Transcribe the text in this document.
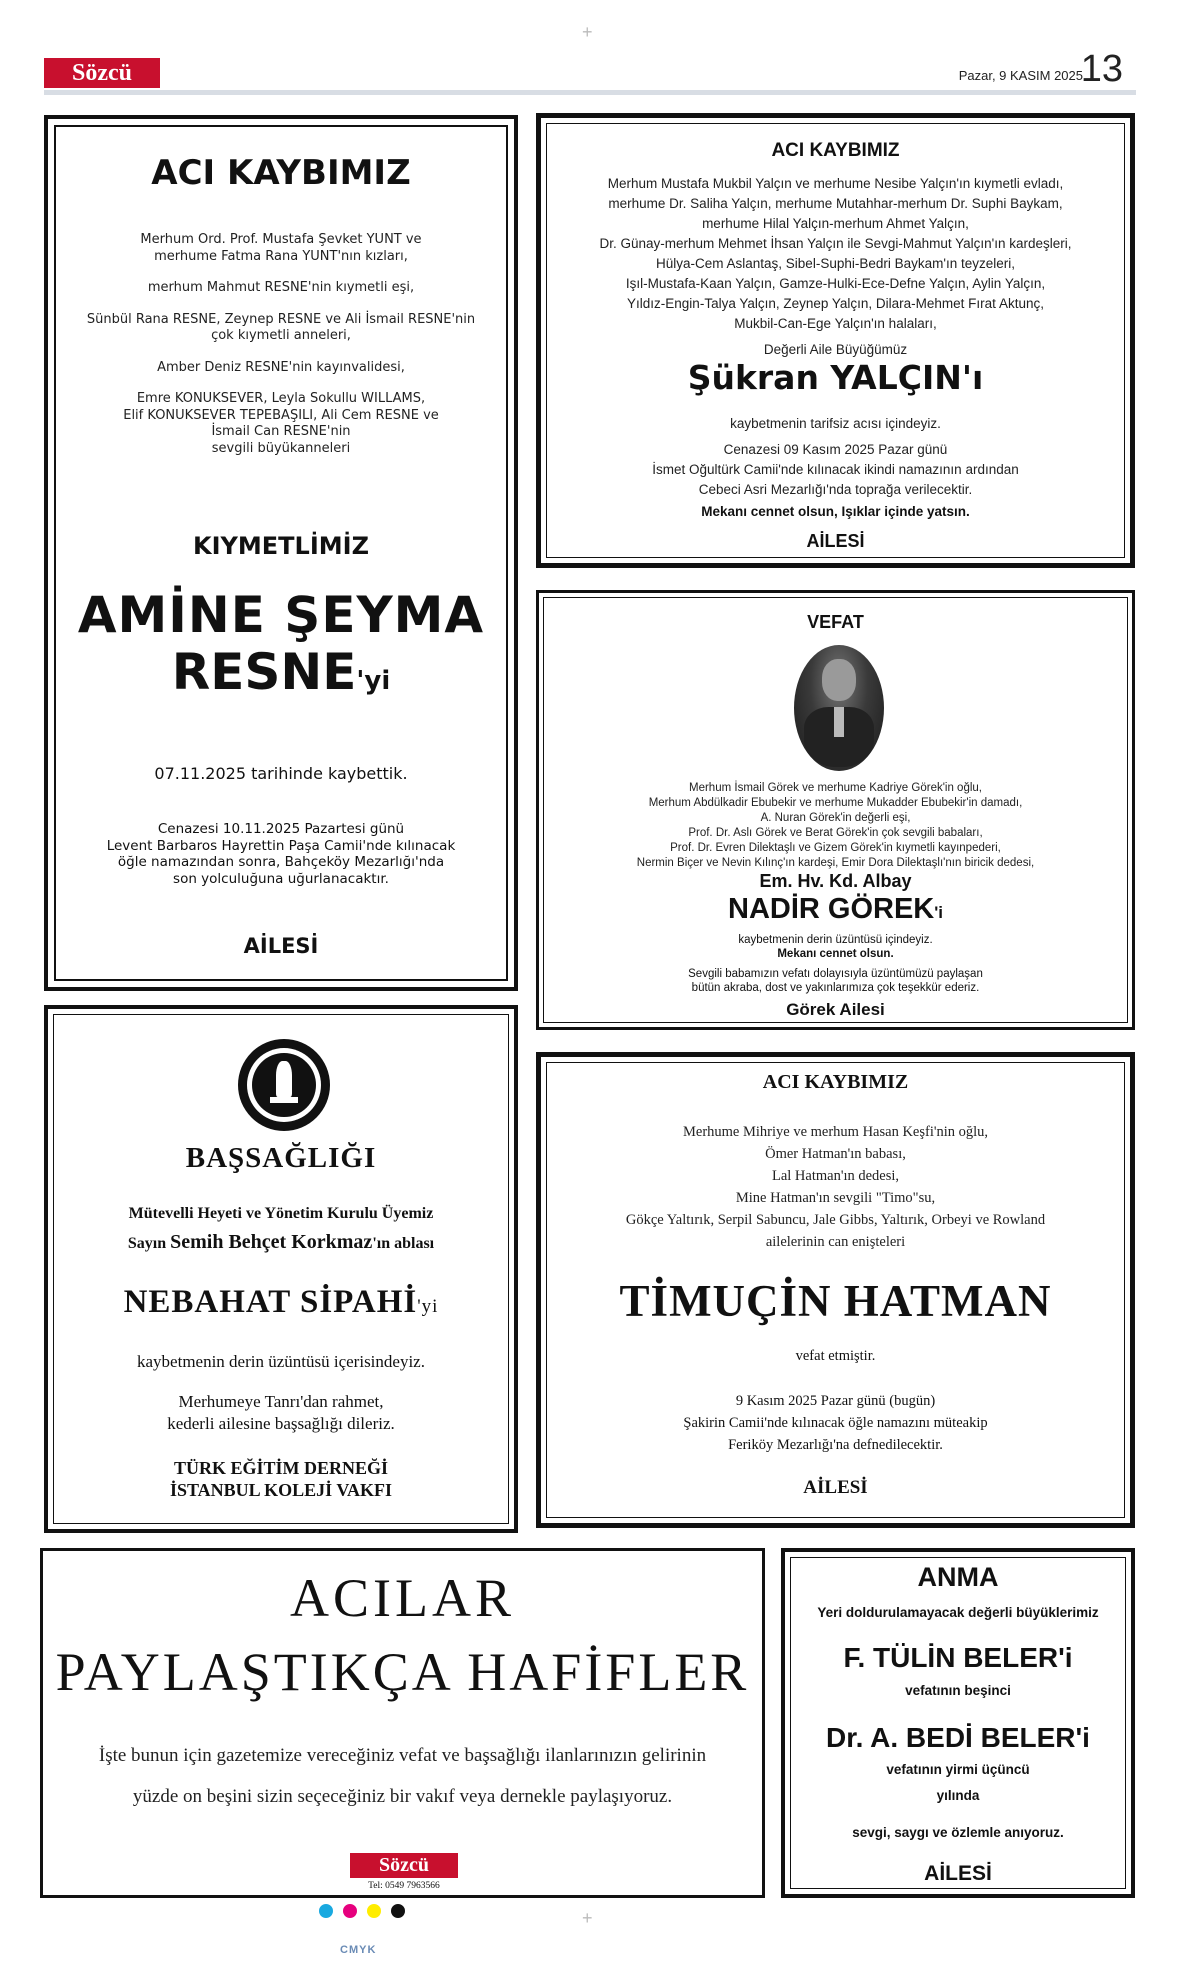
+
+
Sözcü	Pazar, 9 KASIM 2025
13
ACI KAYBIMIZ

Merhum Ord. Prof. Mustafa Şevket YUNT ve

merhume Fatma Rana YUNT'nın kızları,

merhum Mahmut RESNE'nin kıymetli eşi,

Sünbül Rana RESNE, Zeynep RESNE ve Ali İsmail RESNE'nin

çok kıymetli anneleri,

Amber Deniz RESNE'nin kayınvalidesi,

Emre KONUKSEVER, Leyla Sokullu WILLAMS,

Elif KONUKSEVER TEPEBAŞILI, Ali Cem RESNE ve

İsmail Can RESNE'nin

sevgili büyükanneleri

KIYMETLİMİZ
AMİNE ŞEYMA
RESNE'yi
07.11.2025 tarihinde kaybettik.

Cenazesi 10.11.2025 Pazartesi günü

Levent Barbaros Hayrettin Paşa Camii'nde kılınacak

öğle namazından sonra, Bahçeköy Mezarlığı'nda

son yolculuğuna uğurlanacaktır.

AİLESİ
ACI KAYBIMIZ

Merhum Mustafa Mukbil Yalçın ve merhume Nesibe Yalçın'ın kıymetli evladı,

merhume Dr. Saliha Yalçın, merhume Mutahhar-merhum Dr. Suphi Baykam,

merhume Hilal Yalçın-merhum Ahmet Yalçın,

Dr. Günay-merhum Mehmet İhsan Yalçın ile Sevgi-Mahmut Yalçın'ın kardeşleri,

Hülya-Cem Aslantaş, Sibel-Suphi-Bedri Baykam'ın teyzeleri,

Işıl-Mustafa-Kaan Yalçın, Gamze-Hulki-Ece-Defne Yalçın, Aylin Yalçın,

Yıldız-Engin-Talya Yalçın, Zeynep Yalçın, Dilara-Mehmet Fırat Aktunç,

Mukbil-Can-Ege Yalçın'ın halaları,

Değerli Aile Büyüğümüz

Şükran YALÇIN'ı

kaybetmenin tarifsiz acısı içindeyiz.

Cenazesi 09 Kasım 2025 Pazar günü

İsmet Oğultürk Camii'nde kılınacak ikindi namazının ardından

Cebeci Asri Mezarlığı'nda toprağa verilecektir.

Mekanı cennet olsun, Işıklar içinde yatsın.
AİLESİ
VEFAT

Merhum İsmail Görek ve merhume Kadriye Görek'in oğlu,

Merhum Abdülkadir Ebubekir ve merhume Mukadder Ebubekir'in damadı,

A. Nuran Görek'in değerli eşi,

Prof. Dr. Aslı Görek ve Berat Görek'in çok sevgili babaları,

Prof. Dr. Evren Dilektaşlı ve Gizem Görek'in kıymetli kayınpederi,

Nermin Biçer ve Nevin Kılınç'ın kardeşi, Emir Dora Dilektaşlı'nın biricik dedesi,

Em. Hv. Kd. Albay
NADİR GÖREK'i

kaybetmenin derin üzüntüsü içindeyiz.

Mekanı cennet olsun.

Sevgili babamızın vefatı dolayısıyla üzüntümüzü paylaşan

bütün akraba, dost ve yakınlarımıza çok teşekkür ederiz.

Görek Ailesi
BAŞSAĞLIĞI
Mütevelli Heyeti ve Yönetim Kurulu Üyemiz
Sayın Semih Behçet Korkmaz'ın ablası
NEBAHAT SİPAHİ'yi
kaybetmenin derin üzüntüsü içerisindeyiz.

Merhumeye Tanrı'dan rahmet,

kederli ailesine başsağlığı dileriz.

TÜRK EĞİTİM DERNEĞİ

İSTANBUL KOLEJİ VAKFI

ACI KAYBIMIZ

Merhume Mihriye ve merhum Hasan Keşfi'nin oğlu,

Ömer Hatman'ın babası,

Lal Hatman'ın dedesi,

Mine Hatman'ın sevgili "Timo"su,

Gökçe Yaltırık, Serpil Sabuncu, Jale Gibbs, Yaltırık, Orbeyi ve Rowland

ailelerinin can enişteleri

TİMUÇİN HATMAN
vefat etmiştir.

9 Kasım 2025 Pazar günü (bugün)

Şakirin Camii'nde kılınacak öğle namazını müteakip

Feriköy Mezarlığı'na defnedilecektir.

AİLESİ
ACILAR
PAYLAŞTIKÇA HAFİFLER

İşte bunun için gazetemize vereceğiniz vefat ve başsağlığı ilanlarınızın gelirinin

yüzde on beşini sizin seçeceğiniz bir vakıf veya dernekle paylaşıyoruz.

Sözcü
Tel: 0549 7963566
ANMA
Yeri doldurulamayacak değerli büyüklerimiz
F. TÜLİN BELER'i
vefatının beşinci
Dr. A. BEDİ BELER'i
vefatının yirmi üçüncü
yılında
sevgi, saygı ve özlemle anıyoruz.
AİLESİ
CMYK
